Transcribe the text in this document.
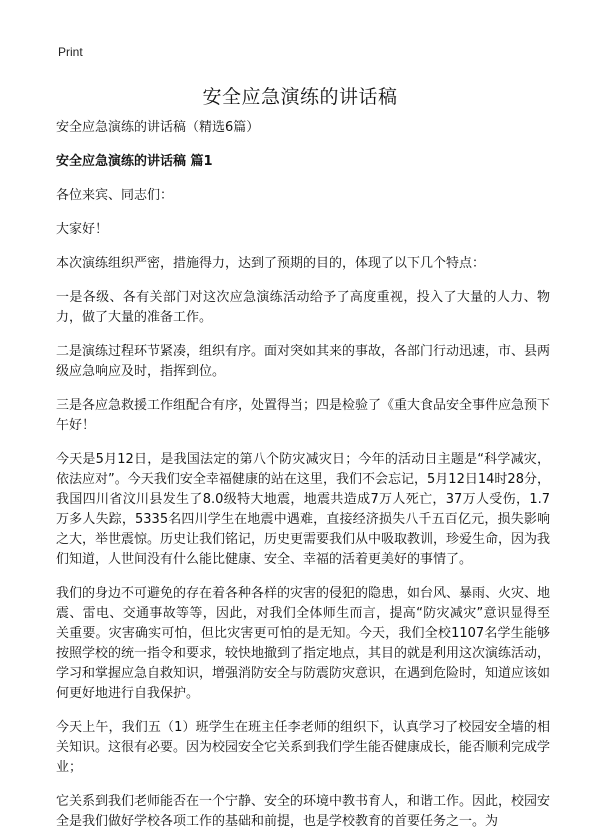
Print
安全应急演练的讲话稿

安全应急演练的讲话稿（精选6篇）

安全应急演练的讲话稿 篇1

各位来宾、同志们：

大家好！

本次演练组织严密，措施得力，达到了预期的目的，体现了以下几个特点：

一是各级、各有关部门对这次应急演练活动给予了高度重视，投入了大量的人力、物力，做了大量的准备工作。

二是演练过程环节紧凑，组织有序。面对突如其来的事故，各部门行动迅速，市、县两级应急响应及时，指挥到位。

三是各应急救援工作组配合有序，处置得当；四是检验了《重大食品安全事件应急预下午好！

今天是5月12日，是我国法定的第八个防灾减灾日；今年的活动日主题是“科学减灾，依法应对”。今天我们安全幸福健康的站在这里，我们不会忘记，5月12日14时28分，我国四川省汶川县发生了8.0级特大地震，地震共造成7万人死亡，37万人受伤，1.7万多人失踪，5335名四川学生在地震中遇难，直接经济损失八千五百亿元，损失影响之大，举世震惊。历史让我们铭记，历史更需要我们从中吸取教训，珍爱生命，因为我们知道，人世间没有什么能比健康、安全、幸福的活着更美好的事情了。

我们的身边不可避免的存在着各种各样的灾害的侵犯的隐患，如台风、暴雨、火灾、地震、雷电、交通事故等等，因此，对我们全体师生而言，提高“防灾减灾”意识显得至关重要。灾害确实可怕，但比灾害更可怕的是无知。今天，我们全校1107名学生能够按照学校的统一指令和要求，较快地撤到了指定地点，其目的就是利用这次演练活动，学习和掌握应急自救知识，增强消防安全与防震防灾意识，在遇到危险时，知道应该如何更好地进行自我保护。

今天上午，我们五（1）班学生在班主任李老师的组织下，认真学习了校园安全墙的相关知识。这很有必要。因为校园安全它关系到我们学生能否健康成长，能否顺利完成学业；

它关系到我们老师能否在一个宁静、安全的环境中教书育人，和谐工作。因此，校园安全是我们做好学校各项工作的基础和前提，也是学校教育的首要任务之一。为
